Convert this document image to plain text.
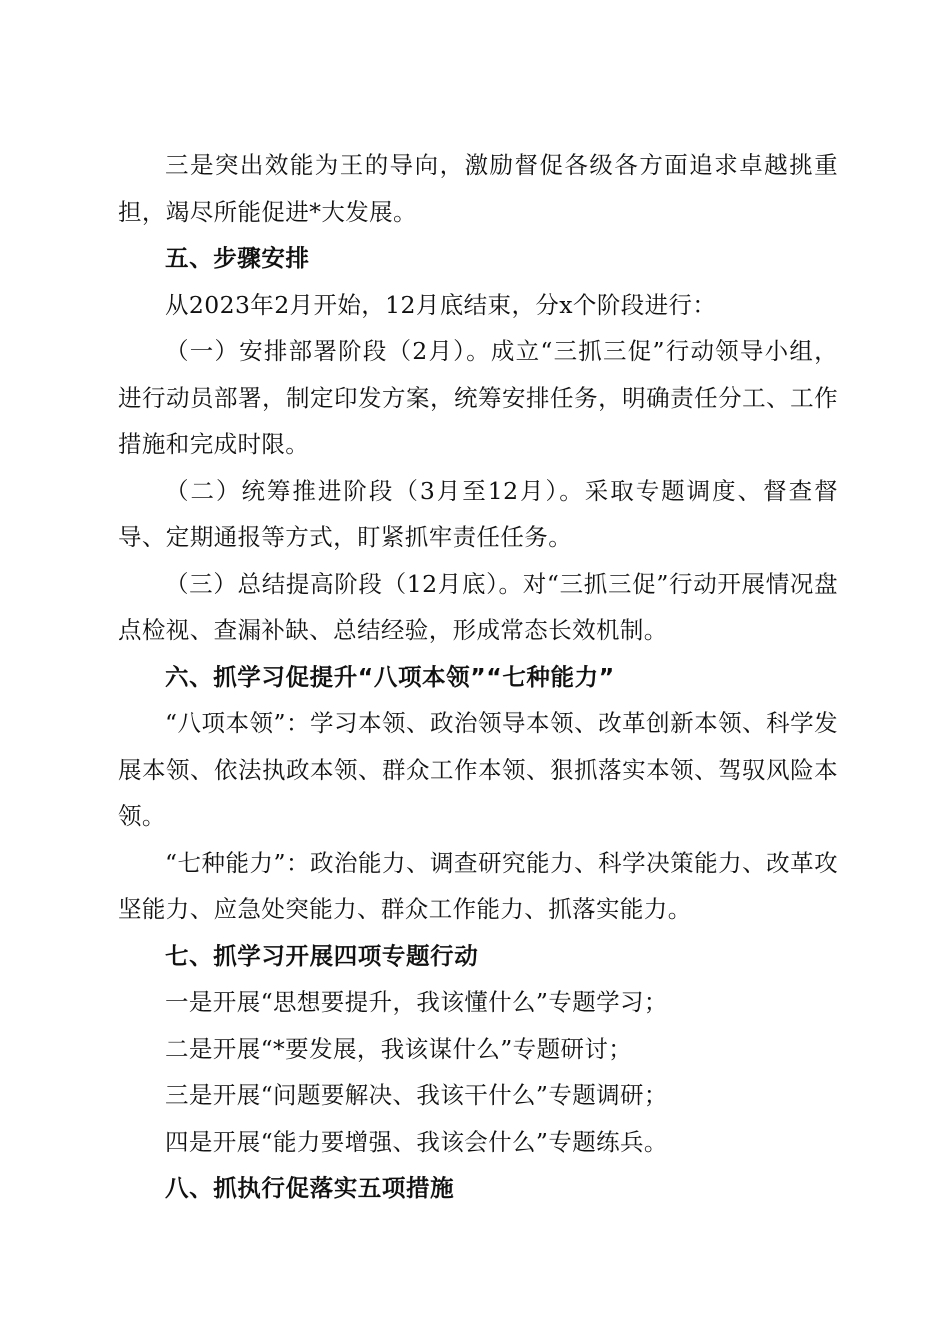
三是突出效能为王的导向，激励督促各级各方面追求卓越挑重担，竭尽所能促进*大发展。

五、步骤安排

从2023年2月开始，12月底结束，分x个阶段进行：

（一）安排部署阶段（2月）。成立“三抓三促”行动领导小组，进行动员部署，制定印发方案，统筹安排任务，明确责任分工、工作措施和完成时限。

（二）统筹推进阶段（3月至12月）。采取专题调度、督查督导、定期通报等方式，盯紧抓牢责任任务。

（三）总结提高阶段（12月底）。对“三抓三促”行动开展情况盘点检视、查漏补缺、总结经验，形成常态长效机制。

六、抓学习促提升“八项本领”“七种能力”

“八项本领”：学习本领、政治领导本领、改革创新本领、科学发展本领、依法执政本领、群众工作本领、狠抓落实本领、驾驭风险本领。

“七种能力”：政治能力、调查研究能力、科学决策能力、改革攻坚能力、应急处突能力、群众工作能力、抓落实能力。

七、抓学习开展四项专题行动

一是开展“思想要提升，我该懂什么”专题学习；

二是开展“*要发展，我该谋什么”专题研讨；

三是开展“问题要解决、我该干什么”专题调研；

四是开展“能力要增强、我该会什么”专题练兵。

八、抓执行促落实五项措施
